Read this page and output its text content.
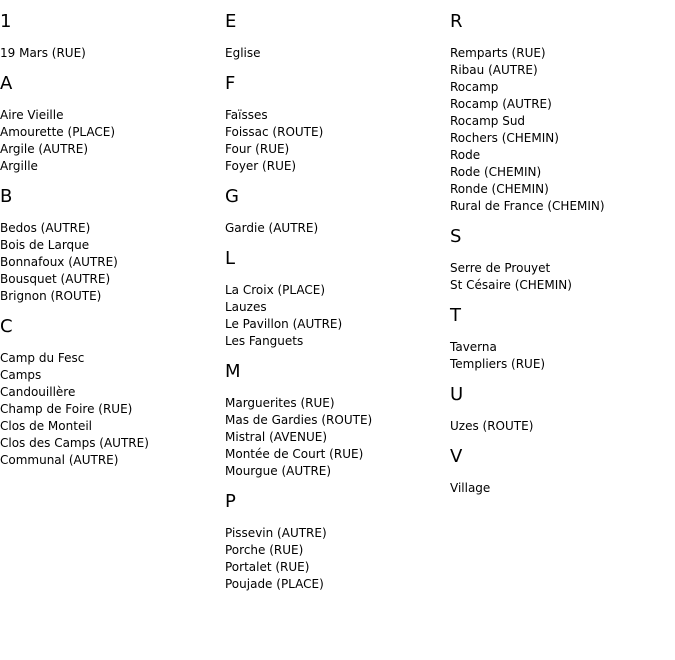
1
19 Mars (RUE)
A
Aire Vieille
Amourette (PLACE)
Argile (AUTRE)
Argille
B
Bedos (AUTRE)
Bois de Larque
Bonnafoux (AUTRE)
Bousquet (AUTRE)
Brignon (ROUTE)
C
Camp du Fesc
Camps
Candouillère
Champ de Foire (RUE)
Clos de Monteil
Clos des Camps (AUTRE)
Communal (AUTRE)
E
Eglise
F
Faïsses
Foissac (ROUTE)
Four (RUE)
Foyer (RUE)
G
Gardie (AUTRE)
L
La Croix (PLACE)
Lauzes
Le Pavillon (AUTRE)
Les Fanguets
M
Marguerites (RUE)
Mas de Gardies (ROUTE)
Mistral (AVENUE)
Montée de Court (RUE)
Mourgue (AUTRE)
P
Pissevin (AUTRE)
Porche (RUE)
Portalet (RUE)
Poujade (PLACE)
R
Remparts (RUE)
Ribau (AUTRE)
Rocamp
Rocamp (AUTRE)
Rocamp Sud
Rochers (CHEMIN)
Rode
Rode (CHEMIN)
Ronde (CHEMIN)
Rural de France (CHEMIN)
S
Serre de Prouyet
St Césaire (CHEMIN)
T
Taverna
Templiers (RUE)
U
Uzes (ROUTE)
V
Village
